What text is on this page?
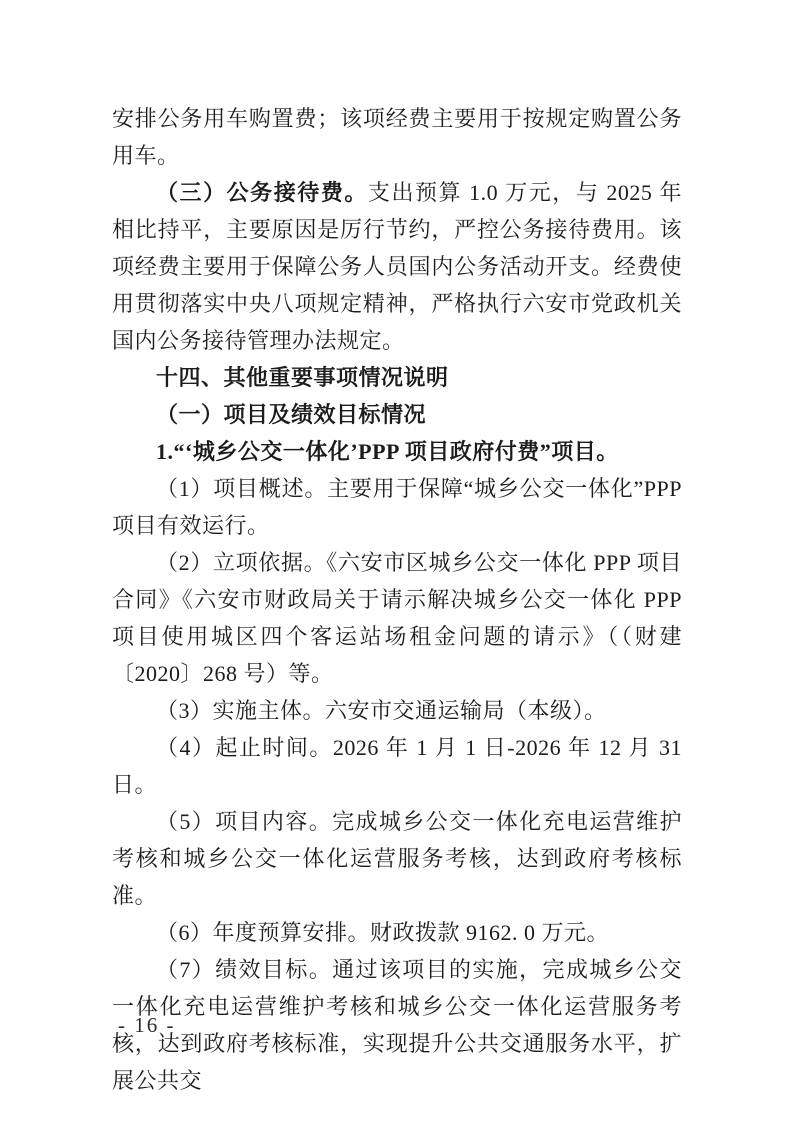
安排公务用车购置费；该项经费主要用于按规定购置公务用车。

（三）公务接待费。支出预算 1.0 万元，与 2025 年相比持平，主要原因是厉行节约，严控公务接待费用。该项经费主要用于保障公务人员国内公务活动开支。经费使用贯彻落实中央八项规定精神，严格执行六安市党政机关国内公务接待管理办法规定。

十四、其他重要事项情况说明

（一）项目及绩效目标情况

1.“‘城乡公交一体化’PPP 项目政府付费”项目。

（1）项目概述。主要用于保障“城乡公交一体化”PPP 项目有效运行。

（2）立项依据。《六安市区城乡公交一体化 PPP 项目合同》《六安市财政局关于请示解决城乡公交一体化 PPP 项目使用城区四个客运站场租金问题的请示》（（财建〔2020〕268 号）等。

（3）实施主体。六安市交通运输局（本级）。

（4）起止时间。2026 年 1 月 1 日-2026 年 12 月 31 日。

（5）项目内容。完成城乡公交一体化充电运营维护考核和城乡公交一体化运营服务考核，达到政府考核标准。

（6）年度预算安排。财政拨款 9162. 0 万元。

（7）绩效目标。通过该项目的实施，完成城乡公交一体化充电运营维护考核和城乡公交一体化运营服务考核，达到政府考核标准，实现提升公共交通服务水平，扩展公共交

- 16 -
